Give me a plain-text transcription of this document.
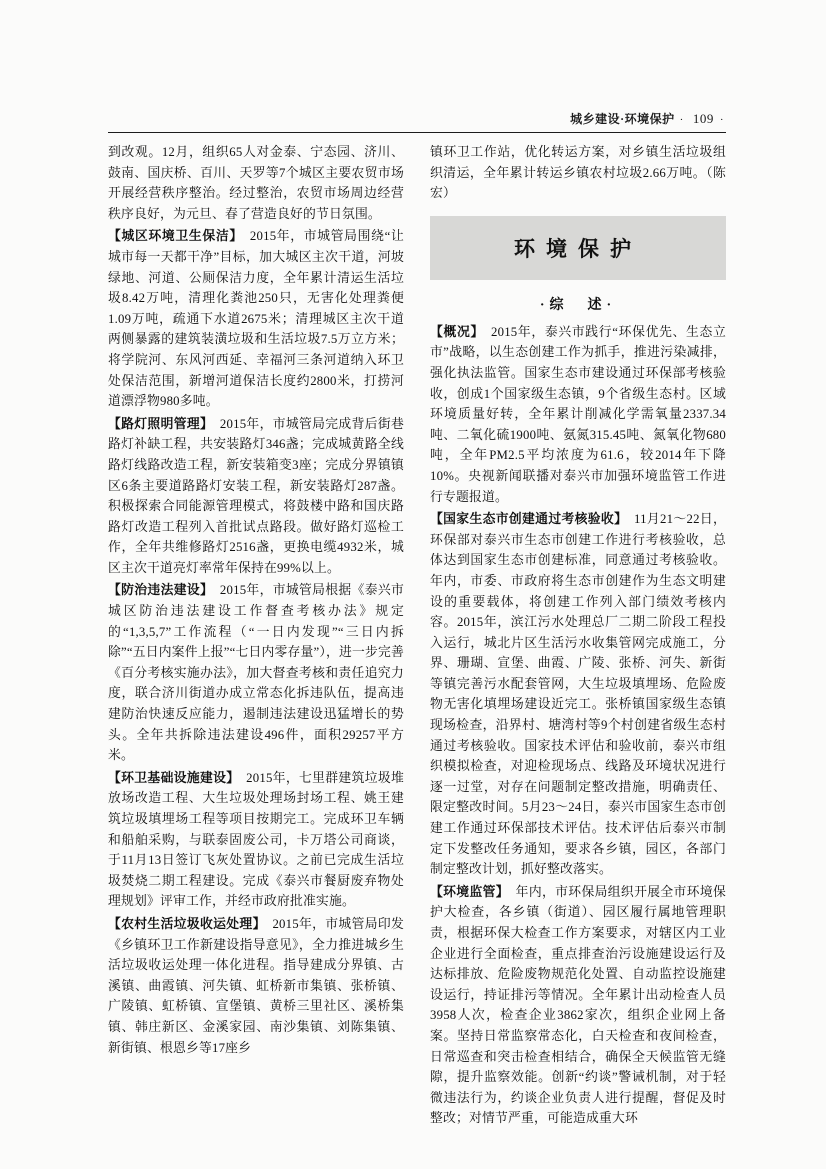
城乡建设·环境保护 · 109 ·

到改观。12月，组织65人对金泰、宁态园、济川、鼓南、国庆桥、百川、天罗等7个城区主要农贸市场开展经营秩序整治。经过整治，农贸市场周边经营秩序良好，为元旦、春了营造良好的节日氛围。

【城区环境卫生保洁】　2015年，市城管局围绕“让城市每一天都干净”目标，加大城区主次干道，河坡绿地、河道、公厕保洁力度，全年累计清运生活垃圾8.42万吨，清理化粪池250只，无害化处理粪便1.09万吨，疏通下水道2675米；清理城区主次干道两侧暴露的建筑装潢垃圾和生活垃圾7.5万立方米；将学院河、东风河西延、幸福河三条河道纳入环卫处保洁范围，新增河道保洁长度约2800米，打捞河道漂浮物980多吨。

【路灯照明管理】　2015年，市城管局完成背后街巷路灯补缺工程，共安装路灯346盏；完成城黄路全线路灯线路改造工程，新安装箱变3座；完成分界镇镇区6条主要道路路灯安装工程，新安装路灯287盏。积极探索合同能源管理模式，将鼓楼中路和国庆路路灯改造工程列入首批试点路段。做好路灯巡检工作，全年共维修路灯2516盏，更换电缆4932米，城区主次干道亮灯率常年保持在99%以上。

【防治违法建设】　2015年，市城管局根据《泰兴市城区防治违法建设工作督查考核办法》规定的“1,3,5,7”工作流程（“一日内发现”“三日内拆除”“五日内案件上报”“七日内零存量”），进一步完善《百分考核实施办法》，加大督查考核和责任追究力度，联合济川街道办成立常态化拆违队伍，提高违建防治快速反应能力，遏制违法建设迅猛增长的势头。全年共拆除违法建设496件，面积29257平方米。

【环卫基础设施建设】　2015年，七里群建筑垃圾堆放场改造工程、大生垃圾处理场封场工程、姚王建筑垃圾填埋场工程等项目按期完工。完成环卫车辆和船舶采购，与联泰固废公司，卡万塔公司商谈，于11月13日签订飞灰处置协议。之前已完成生活垃圾焚烧二期工程建设。完成《泰兴市餐厨废弃物处理规划》评审工作，并经市政府批准实施。

【农村生活垃圾收运处理】　2015年，市城管局印发《乡镇环卫工作新建设指导意见》，全力推进城乡生活垃圾收运处理一体化进程。指导建成分界镇、古溪镇、曲霞镇、河失镇、虹桥新市集镇、张桥镇、广陵镇、虹桥镇、宣堡镇、黄桥三里社区、溪桥集镇、韩庄新区、金溪家园、南沙集镇、刘陈集镇、新街镇、根恩乡等17座乡

镇环卫工作站，优化转运方案，对乡镇生活垃圾组织清运，全年累计转运乡镇农村垃圾2.66万吨。（陈　宏）

环境保护
·综　述·

【概况】　2015年，泰兴市践行“环保优先、生态立市”战略，以生态创建工作为抓手，推进污染减排，强化执法监管。国家生态市建设通过环保部考核验收，创成1个国家级生态镇，9个省级生态村。区域环境质量好转，全年累计削减化学需氧量2337.34吨、二氧化硫1900吨、氨氮315.45吨、氮氧化物680吨，全年PM2.5平均浓度为61.6，较2014年下降10%。央视新闻联播对泰兴市加强环境监管工作进行专题报道。

【国家生态市创建通过考核验收】　11月21～22日，环保部对泰兴市生态市创建工作进行考核验收，总体达到国家生态市创建标准，同意通过考核验收。年内，市委、市政府将生态市创建作为生态文明建设的重要载体，将创建工作列入部门绩效考核内容。2015年，滨江污水处理总厂二期二阶段工程投入运行，城北片区生活污水收集管网完成施工，分界、珊瑚、宣堡、曲霞、广陵、张桥、河失、新街等镇完善污水配套管网，大生垃圾填埋场、危险废物无害化填埋场建设近完工。张桥镇国家级生态镇现场检查，沿界村、塘湾村等9个村创建省级生态村通过考核验收。国家技术评估和验收前，泰兴市组织模拟检查，对迎检现场点、线路及环境状况进行逐一过堂，对存在问题制定整改措施，明确责任、限定整改时间。5月23～24日，泰兴市国家生态市创建工作通过环保部技术评估。技术评估后泰兴市制定下发整改任务通知，要求各乡镇，园区，各部门制定整改计划，抓好整改落实。

【环境监管】　年内，市环保局组织开展全市环境保护大检查，各乡镇（街道）、园区履行属地管理职责，根据环保大检查工作方案要求，对辖区内工业企业进行全面检查，重点排查治污设施建设运行及达标排放、危险废物规范化处置、自动监控设施建设运行，持证排污等情况。全年累计出动检查人员3958人次，检查企业3862家次，组织企业网上备案。坚持日常监察常态化，白天检查和夜间检查，日常巡查和突击检查相结合，确保全天候监管无缝隙，提升监察效能。创新“约谈”警诫机制，对于轻微违法行为，约谈企业负责人进行提醒，督促及时整改；对情节严重，可能造成重大环
